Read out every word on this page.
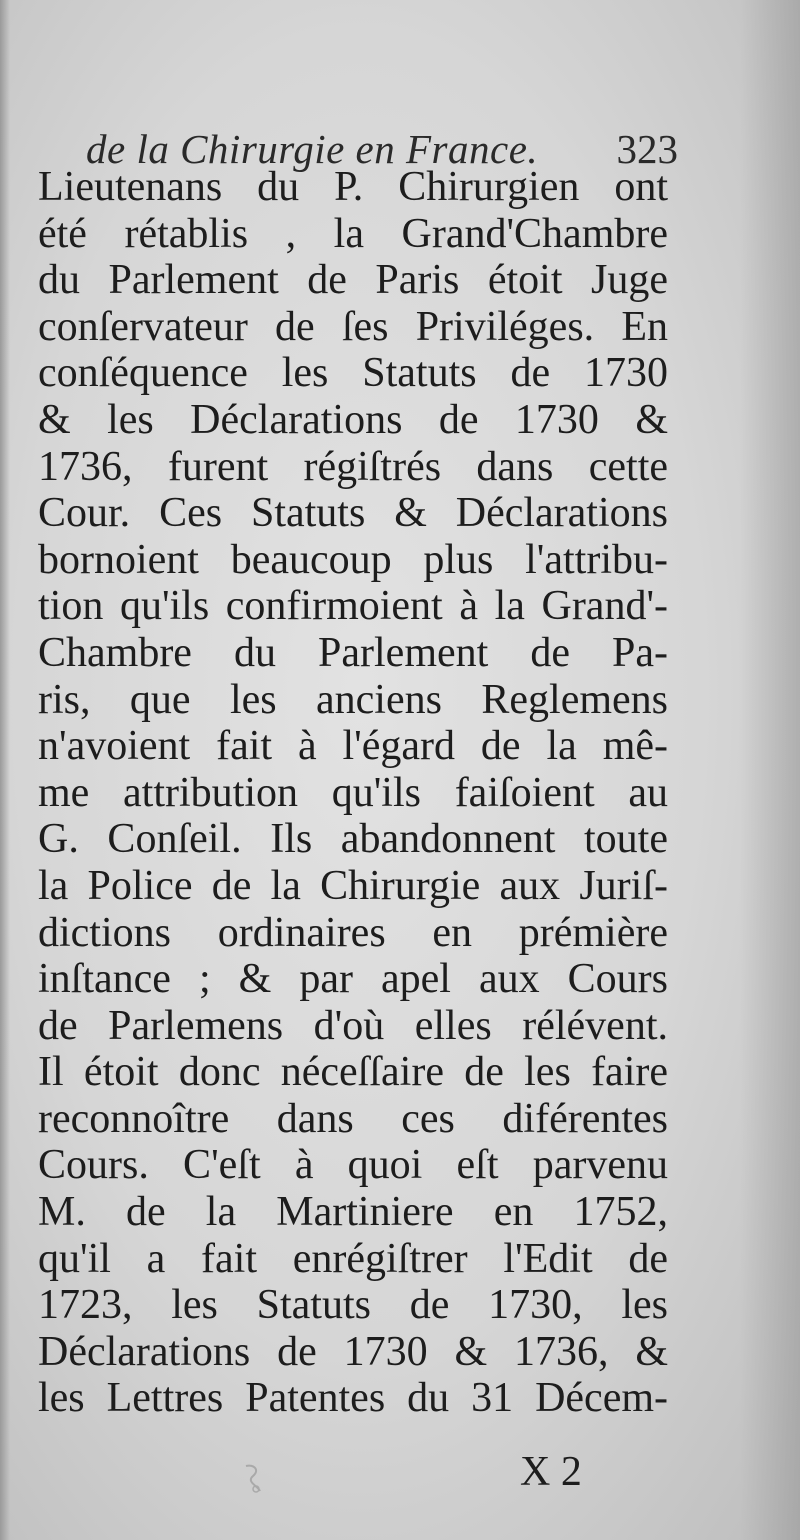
de la Chirurgie en France. 323
Lieutenans du P. Chirurgien ont
été rétablis , la Grand'Chambre
du Parlement de Paris étoit Juge
conſervateur de ſes Priviléges. En
conſéquence les Statuts de 1730
& les Déclarations de 1730 &
1736, furent régiſtrés dans cette
Cour. Ces Statuts & Déclarations
bornoient beaucoup plus l'attribu-
tion qu'ils confirmoient à la Grand'-
Chambre du Parlement de Pa-
ris, que les anciens Reglemens
n'avoient fait à l'égard de la mê-
me attribution qu'ils faiſoient au
G. Conſeil. Ils abandonnent toute
la Police de la Chirurgie aux Juriſ-
dictions ordinaires en prémière
inſtance ; & par apel aux Cours
de Parlemens d'où elles rélévent.
Il étoit donc néceſſaire de les faire
reconnoître dans ces diférentes
Cours. C'eſt à quoi eſt parvenu
M. de la Martiniere en 1752,
qu'il a fait enrégiſtrer l'Edit de
1723, les Statuts de 1730, les
Déclarations de 1730 & 1736, &
les Lettres Patentes du 31 Décem-
X 2
